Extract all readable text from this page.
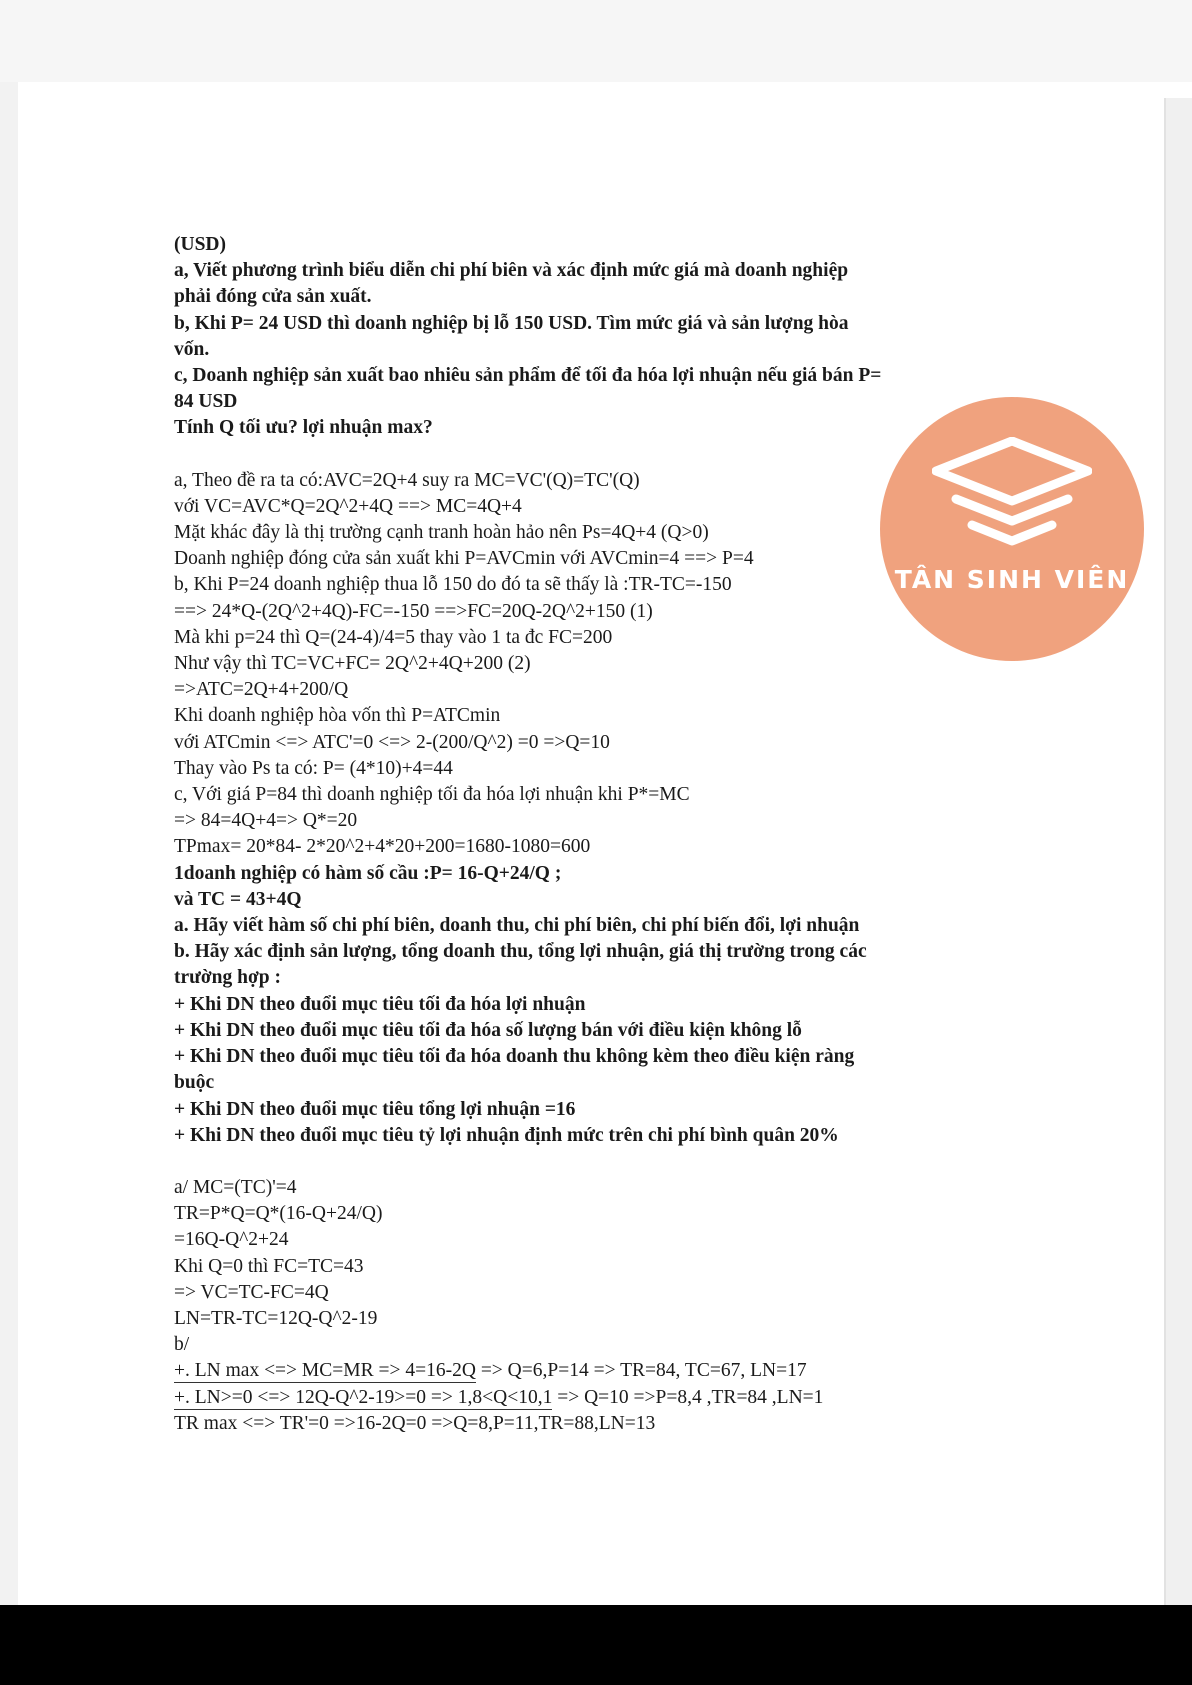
(USD)
a, Viết phương trình biểu diễn chi phí biên và xác định mức giá mà doanh nghiệp
phải đóng cửa sản xuất.
b, Khi P= 24 USD thì doanh nghiệp bị lỗ 150 USD. Tìm mức giá và sản lượng hòa
vốn.
c, Doanh nghiệp sản xuất bao nhiêu sản phẩm để tối đa hóa lợi nhuận nếu giá bán P=
84 USD
Tính Q tối ưu? lợi nhuận max?
a, Theo đề ra ta có:AVC=2Q+4 suy ra MC=VC'(Q)=TC'(Q)
với VC=AVC*Q=2Q^2+4Q ==> MC=4Q+4
Mặt khác đây là thị trường cạnh tranh hoàn hảo nên Ps=4Q+4 (Q>0)
Doanh nghiệp đóng cửa sản xuất khi P=AVCmin với AVCmin=4 ==> P=4
b, Khi P=24 doanh nghiệp thua lỗ 150 do đó ta sẽ thấy là :TR-TC=-150
==> 24*Q-(2Q^2+4Q)-FC=-150 ==>FC=20Q-2Q^2+150 (1)
Mà khi p=24 thì Q=(24-4)/4=5 thay vào 1 ta đc FC=200
Như vậy thì TC=VC+FC= 2Q^2+4Q+200 (2)
=>ATC=2Q+4+200/Q
Khi doanh nghiệp hòa vốn thì P=ATCmin
với ATCmin <=> ATC'=0 <=> 2-(200/Q^2) =0 =>Q=10
Thay vào Ps ta có: P= (4*10)+4=44
c, Với giá P=84 thì doanh nghiệp tối đa hóa lợi nhuận khi P*=MC
=> 84=4Q+4=> Q*=20
TPmax= 20*84- 2*20^2+4*20+200=1680-1080=600
1doanh nghiệp có hàm số cầu :P= 16-Q+24/Q ;
và TC = 43+4Q
a. Hãy viết hàm số chi phí biên, doanh thu, chi phí biên, chi phí biến đổi, lợi nhuận
b. Hãy xác định sản lượng, tổng doanh thu, tổng lợi nhuận, giá thị trường trong các
trường hợp :
+ Khi DN theo đuổi mục tiêu tối đa hóa lợi nhuận
+ Khi DN theo đuổi mục tiêu tối đa hóa số lượng bán với điều kiện không lỗ
+ Khi DN theo đuổi mục tiêu tối đa hóa doanh thu không kèm theo điều kiện ràng
buộc
+ Khi DN theo đuổi mục tiêu tổng lợi nhuận =16
+ Khi DN theo đuổi mục tiêu tỷ lợi nhuận định mức trên chi phí bình quân 20%
a/ MC=(TC)'=4
TR=P*Q=Q*(16-Q+24/Q)
=16Q-Q^2+24
Khi Q=0 thì FC=TC=43
=> VC=TC-FC=4Q
LN=TR-TC=12Q-Q^2-19
b/
+. LN max <=> MC=MR => 4=16-2Q => Q=6,P=14 => TR=84, TC=67, LN=17
+. LN>=0 <=> 12Q-Q^2-19>=0 => 1,8<Q<10,1 => Q=10 =>P=8,4 ,TR=84 ,LN=1
TR max <=> TR'=0 =>16-2Q=0 =>Q=8,P=11,TR=88,LN=13
TÂN SINH VIÊN
